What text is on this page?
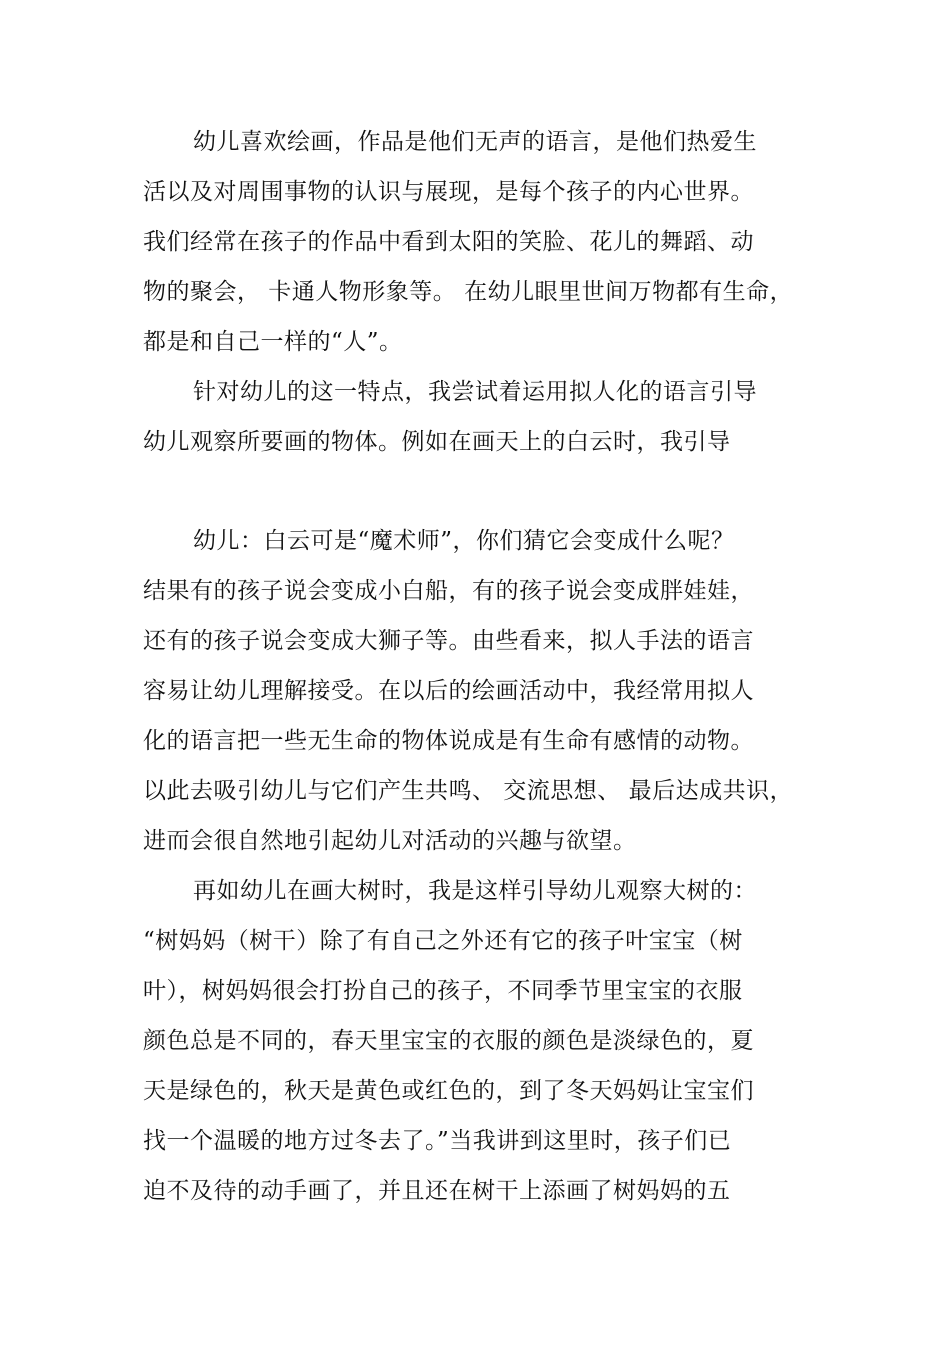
幼儿喜欢绘画，作品是他们无声的语言，是他们热爱生
活以及对周围事物的认识与展现，是每个孩子的内心世界。
我们经常在孩子的作品中看到太阳的笑脸、花儿的舞蹈、动
物的聚会， 卡通人物形象等。 在幼儿眼里世间万物都有生命，
都是和自己一样的“人”。
针对幼儿的这一特点，我尝试着运用拟人化的语言引导
幼儿观察所要画的物体。例如在画天上的白云时，我引导
幼儿：白云可是“魔术师”，你们猜它会变成什么呢？
结果有的孩子说会变成小白船，有的孩子说会变成胖娃娃，
还有的孩子说会变成大狮子等。由些看来，拟人手法的语言
容易让幼儿理解接受。在以后的绘画活动中，我经常用拟人
化的语言把一些无生命的物体说成是有生命有感情的动物。
以此去吸引幼儿与它们产生共鸣、 交流思想、 最后达成共识，
进而会很自然地引起幼儿对活动的兴趣与欲望。
再如幼儿在画大树时，我是这样引导幼儿观察大树的：
“树妈妈（树干）除了有自己之外还有它的孩子叶宝宝（树
叶），树妈妈很会打扮自己的孩子，不同季节里宝宝的衣服
颜色总是不同的，春天里宝宝的衣服的颜色是淡绿色的，夏
天是绿色的，秋天是黄色或红色的，到了冬天妈妈让宝宝们
找一个温暖的地方过冬去了。”当我讲到这里时，孩子们已
迫不及待的动手画了，并且还在树干上添画了树妈妈的五
